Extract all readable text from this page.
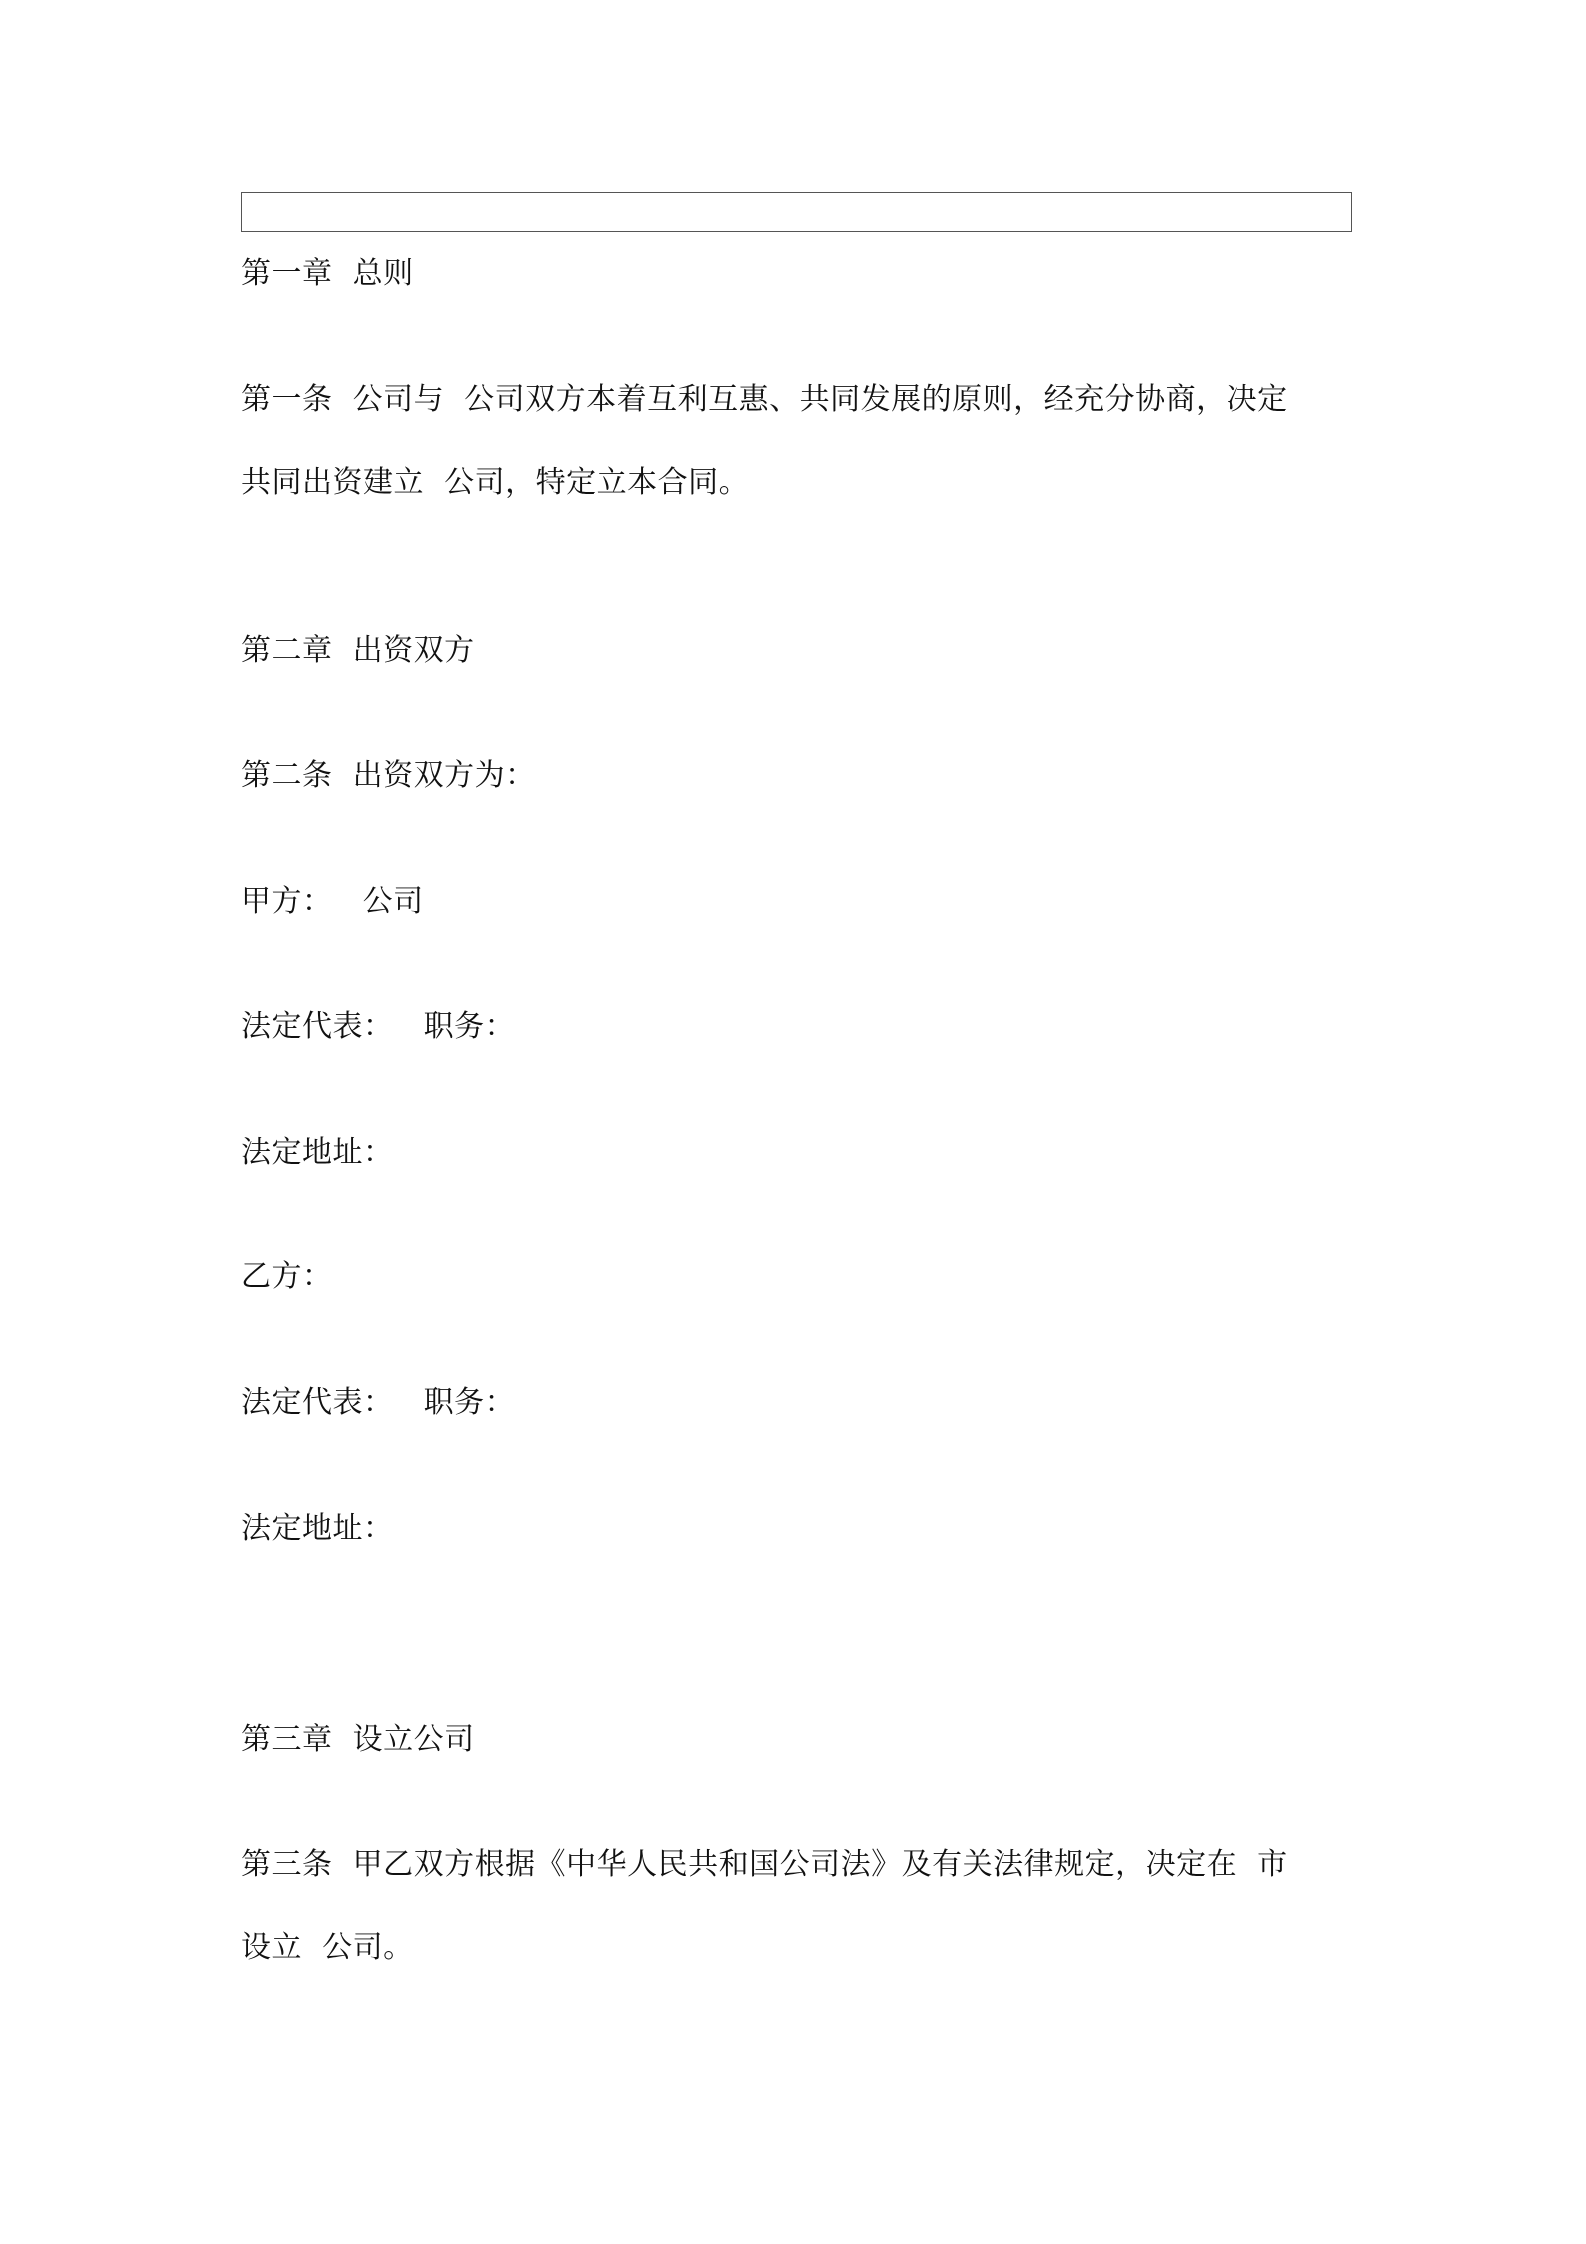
第一章  总则
第一条  公司与  公司双方本着互利互惠、共同发展的原则，经充分协商，决定
共同出资建立  公司，特定立本合同。
第二章  出资双方
第二条  出资双方为：
甲方：   公司
法定代表：   职务：
法定地址：
乙方：
法定代表：   职务：
法定地址：
第三章  设立公司
第三条  甲乙双方根据《中华人民共和国公司法》及有关法律规定，决定在  市
设立  公司。
